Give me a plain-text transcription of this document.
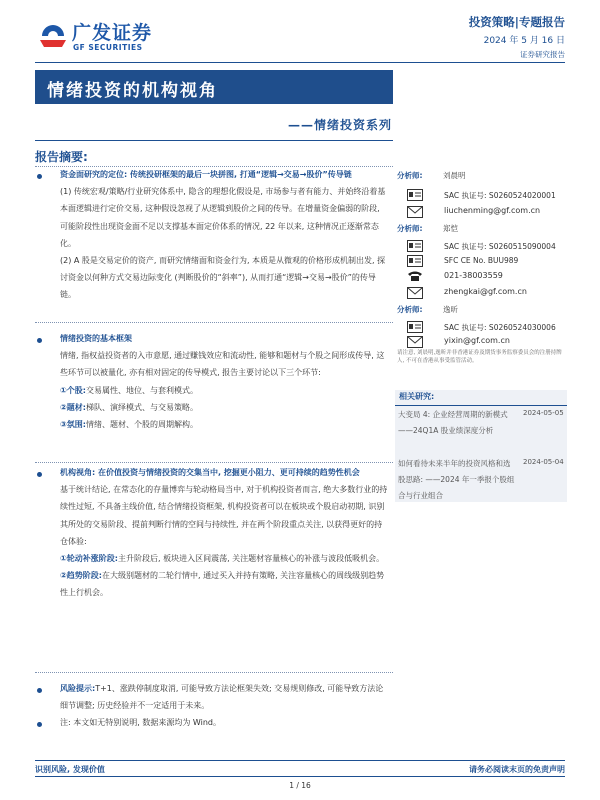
广发证券
GF SECURITIES
投资策略|专题报告
2024 年 5 月 16 日
证券研究报告
情绪投资的机构视角
——情绪投资系列
报告摘要:
资金面研究的定位: 传统投研框架的最后一块拼图, 打通“逻辑→交易→股价”传导链
(1) 传统宏观/策略/行业研究体系中, 隐含的理想化假设是, 市场参与者有能力、并始终沿着基本面逻辑进行定价交易, 这种假设忽视了从逻辑到股价之间的传导。在增量资金偏弱的阶段, 可能阶段性出现资金面不足以支撑基本面定价体系的情况, 22 年以来, 这种情况正逐渐常态化。
(2) A 股是交易定价的资产, 而研究情绪面和资金行为, 本质是从微观的价格形成机制出发, 探讨资金以何种方式交易边际变化 (判断股价的“斜率”), 从而打通“逻辑→交易→股价”的传导链。
情绪投资的基本框架
情绪, 指权益投资者的入市意愿, 通过赚钱效应和流动性, 能够和题材与个股之间形成传导, 这些环节可以被量化, 亦有相对固定的传导模式, 报告主要讨论以下三个环节:
①个股:交易属性、地位、与套利模式。
②题材:梯队、演绎模式、与交易策略。
③氛围:情绪、题材、个股的周期解构。
机构视角: 在价值投资与情绪投资的交集当中, 挖掘更小阻力、更可持续的趋势性机会
基于统计结论, 在常态化的存量博弈与轮动格局当中, 对于机构投资者而言, 绝大多数行业的持续性过短, 不具备主线价值, 结合情绪投资框架, 机构投资者可以在板块或个股启动初期, 识别其所处的交易阶段、提前判断行情的空间与持续性, 并在两个阶段重点关注, 以获得更好的持仓体验:
①轮动补涨阶段:主升阶段后, 板块进入区间震荡, 关注题材容量核心的补涨与波段低吸机会。
②趋势阶段:在大级别题材的二轮行情中, 通过买入并持有策略, 关注容量核心的周线级别趋势性上行机会。
风险提示:T+1、涨跌停制度取消, 可能导致方法论框架失效; 交易规则修改, 可能导致方法论细节调整; 历史经验并不一定适用于未来。
注: 本文如无特别说明, 数据来源均为 Wind。
分析师:	刘晨明
SAC 执证号: S0260524020001
liuchenming@gf.com.cn
分析师:	郑恺
SAC 执证号: S0260515090004
SFC CE No. BUU989
021-38003559
zhengkai@gf.com.cn
分析师:	逸昕
SAC 执证号: S0260524030006
yixin@gf.com.cn
请注意, 刘晨明,逸昕并非香港证券及期货事务监察委员会的注册持牌人, 不可在香港从事受监管活动。
相关研究:
大变局 4: 企业经营周期的新模式——24Q1A 股业绩深度分析
2024-05-05
如何看待未来半年的投资风格和选股思路: ——2024 年一季报个股组合与行业组合
2024-05-04
识别风险, 发现价值	请务必阅读末页的免责声明
1 / 16
